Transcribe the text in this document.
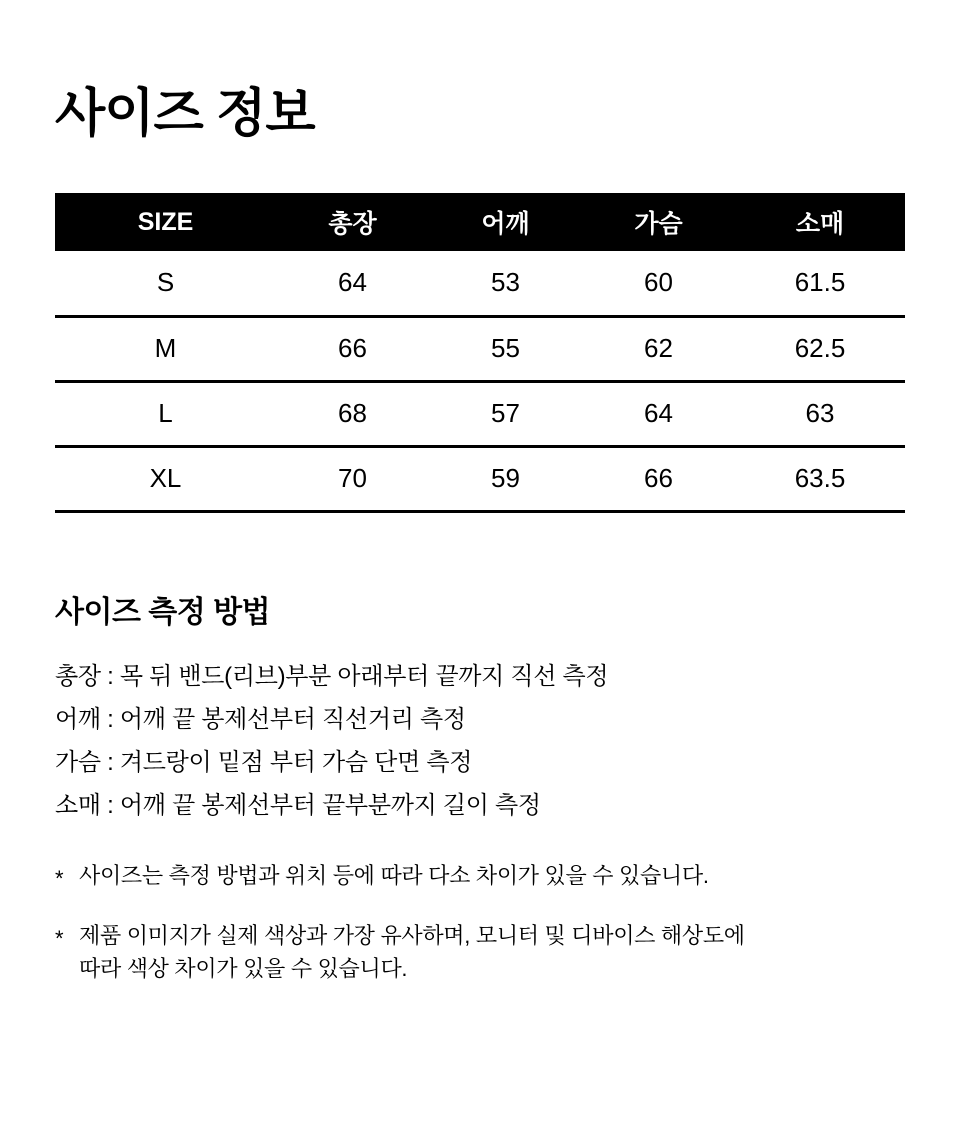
사이즈 정보
SIZE	총장	어깨	가슴	소매
S	64	53	60	61.5
M	66	55	62	62.5
L	68	57	64	63
XL	70	59	66	63.5
사이즈 측정 방법
총장 : 목 뒤 밴드(리브)부분 아래부터 끝까지 직선 측정
어깨 : 어깨 끝 봉제선부터 직선거리 측정
가슴 : 겨드랑이 밑점 부터 가슴 단면 측정
소매 : 어깨 끝 봉제선부터 끝부분까지 길이 측정
* 사이즈는 측정 방법과 위치 등에 따라 다소 차이가 있을 수 있습니다.
* 제품 이미지가 실제 색상과 가장 유사하며, 모니터 및 디바이스 해상도에 따라 색상 차이가 있을 수 있습니다.
